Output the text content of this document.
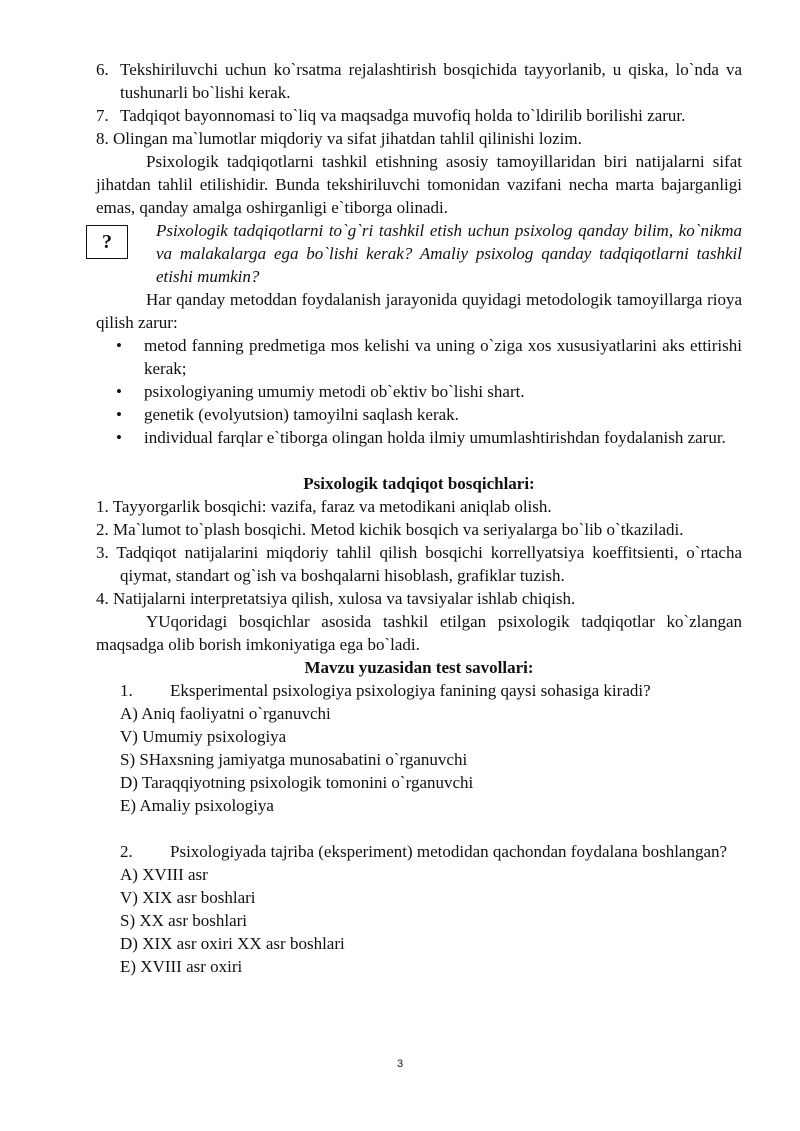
6. Tekshiriluvchi uchun ko`rsatma rejalashtirish bosqichida tayyorlanib, u qiska, lo`nda va tushunarli bo`lishi kerak.
7. Tadqiqot bayonnomasi to`liq va maqsadga muvofiq holda to`ldirilib borilishi zarur.
8. Olingan ma`lumotlar miqdoriy va sifat jihatdan tahlil qilinishi lozim.
Psixologik tadqiqotlarni tashkil etishning asosiy tamoyillaridan biri natijalarni sifat jihatdan tahlil etilishidir. Bunda tekshiriluvchi tomonidan vazifani necha marta bajarganligi emas, qanday amalga oshirganligi e`tiborga olinadi.
?
Psixologik tadqiqotlarni to`g`ri tashkil etish uchun psixolog qanday bilim, ko`nikma va malakalarga ega bo`lishi kerak? Amaliy psixolog qanday tadqiqotlarni tashkil etishi mumkin?
Har qanday metoddan foydalanish jarayonida quyidagi metodologik tamoyillarga rioya qilish zarur:
• metod fanning predmetiga mos kelishi va uning o`ziga xos xususiyatlarini aks ettirishi kerak;
• psixologiyaning umumiy metodi ob`ektiv bo`lishi shart.
• genetik (evolyutsion) tamoyilni saqlash kerak.
• individual farqlar e`tiborga olingan holda ilmiy umumlashtirishdan foydalanish zarur.
Psixologik tadqiqot bosqichlari:
1. Tayyorgarlik bosqichi: vazifa, faraz va metodikani aniqlab olish.
2. Ma`lumot to`plash bosqichi. Metod kichik bosqich va seriyalarga bo`lib o`tkaziladi.
3. Tadqiqot natijalarini miqdoriy tahlil qilish bosqichi korrellyatsiya koeffitsienti, o`rtacha qiymat, standart og`ish va boshqalarni hisoblash, grafiklar tuzish.
4. Natijalarni interpretatsiya qilish, xulosa va tavsiyalar ishlab chiqish.
YUqoridagi bosqichlar asosida tashkil etilgan psixologik tadqiqotlar ko`zlangan maqsadga olib borish imkoniyatiga ega bo`ladi.
Mavzu yuzasidan test savollari:
1.	Eksperimental psixologiya psixologiya fanining qaysi sohasiga kiradi?
A) Aniq faoliyatni o`rganuvchi
V) Umumiy psixologiya
S) SHaxsning jamiyatga munosabatini o`rganuvchi
D) Taraqqiyotning psixologik tomonini o`rganuvchi
E) Amaliy psixologiya
2.	Psixologiyada tajriba (eksperiment) metodidan qachondan foydalana boshlangan?
A) XVIII asr
V) XIX asr boshlari
S) XX asr boshlari
D) XIX asr oxiri XX asr boshlari
E) XVIII asr oxiri
3
